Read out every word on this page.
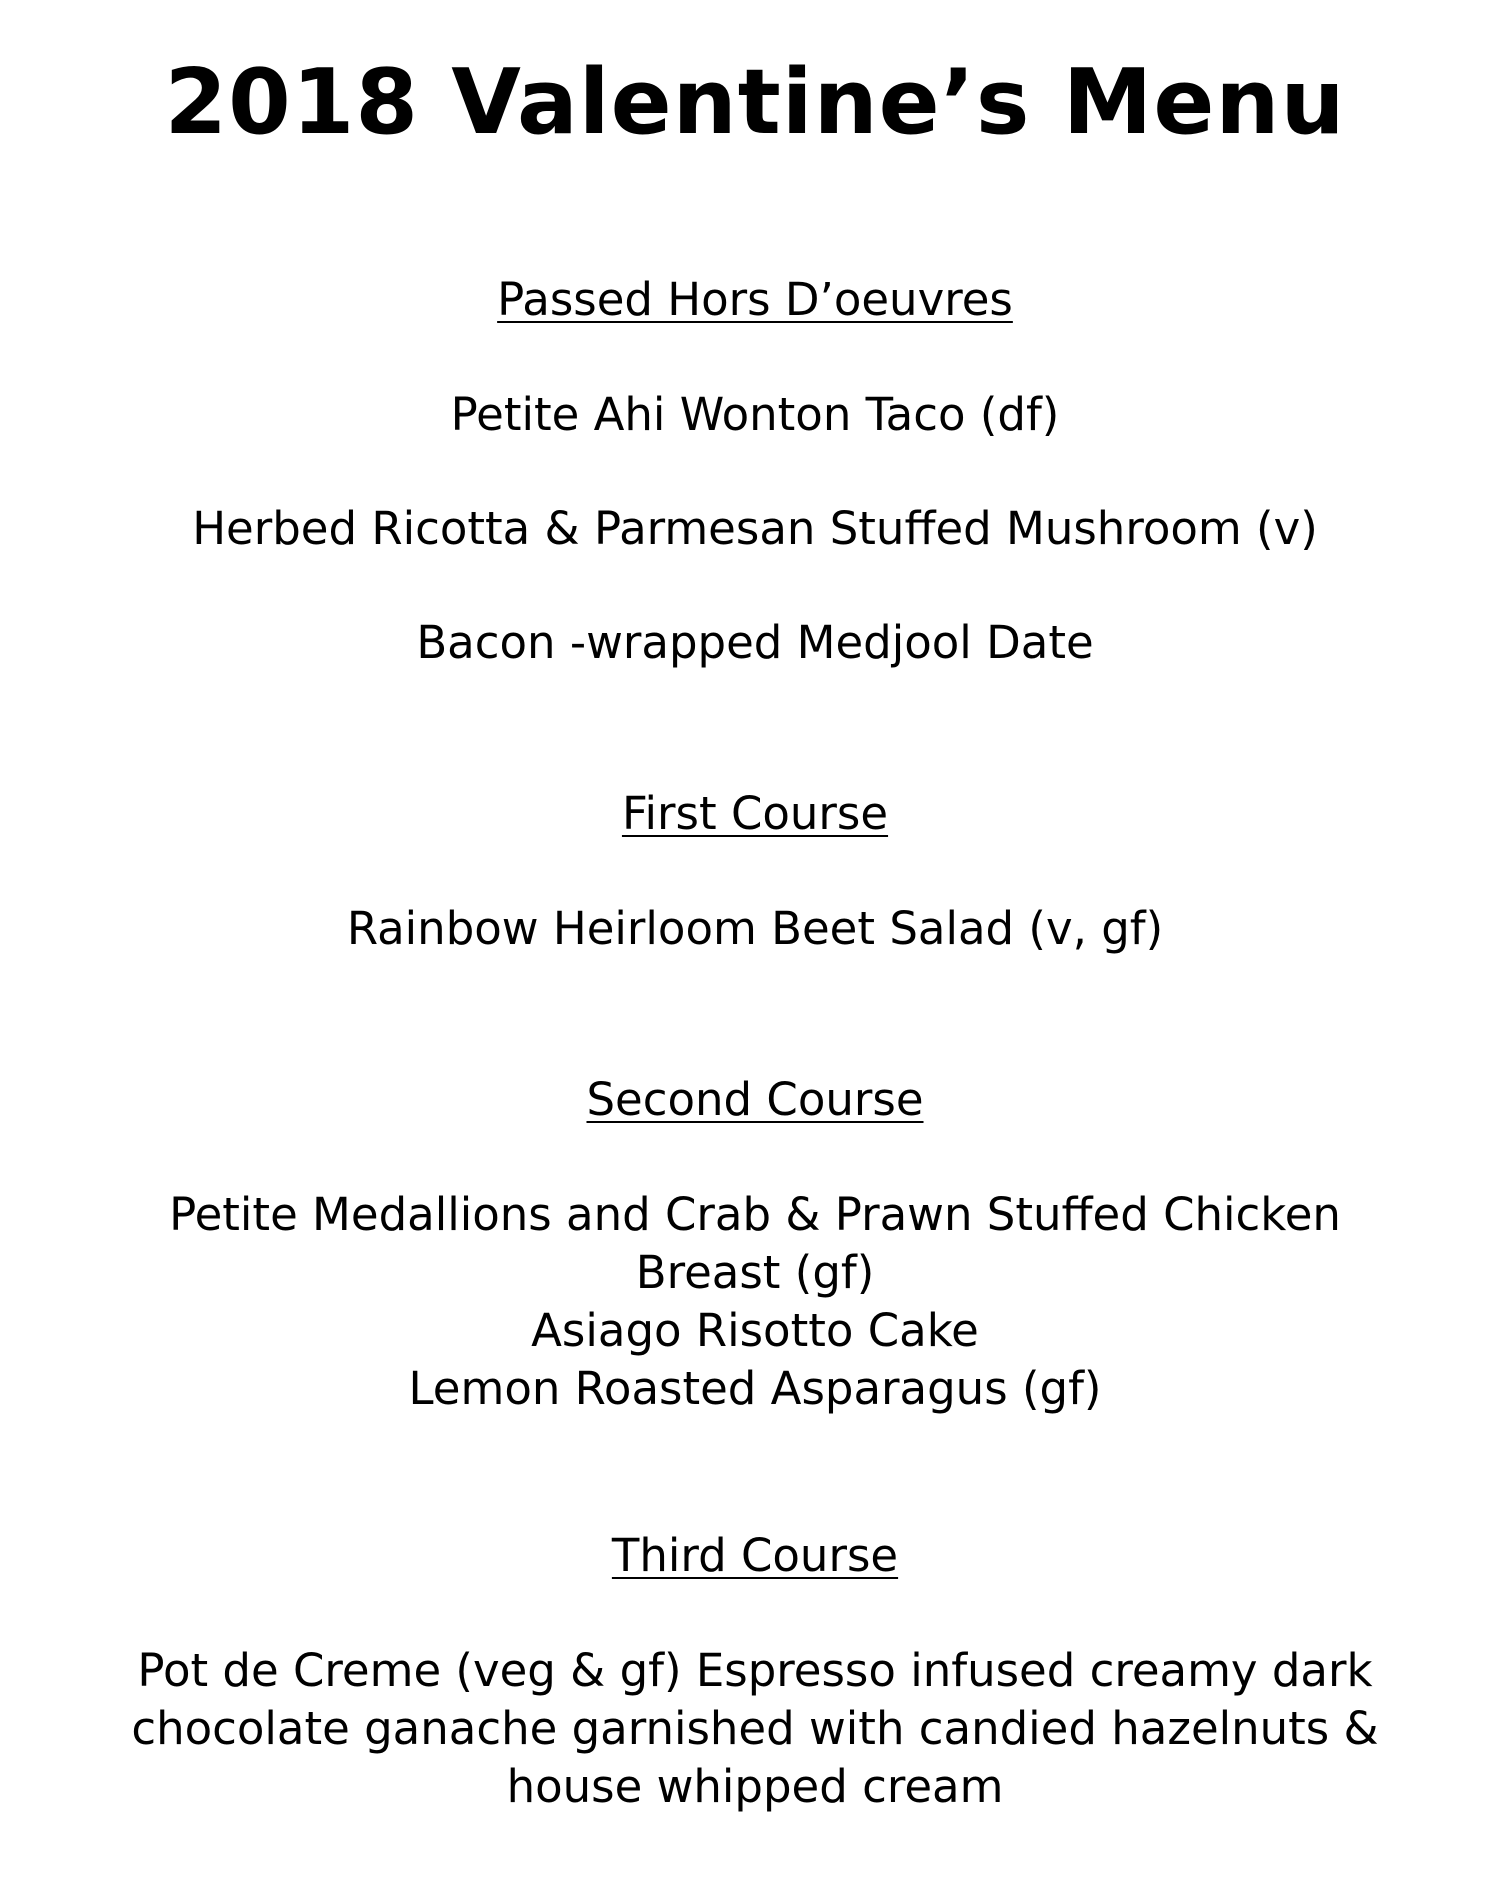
2018 Valentine’s Menu
Passed Hors D’oeuvres
Petite Ahi Wonton Taco (df)
Herbed Ricotta & Parmesan Stuffed Mushroom (v)
Bacon -wrapped Medjool Date
First Course
Rainbow Heirloom Beet Salad (v, gf)
Second Course
Petite Medallions and Crab & Prawn Stuffed Chicken
Breast (gf)
Asiago Risotto Cake
Lemon Roasted Asparagus (gf)
Third Course
Pot de Creme (veg & gf) Espresso infused creamy dark
chocolate ganache garnished with candied hazelnuts &
house whipped cream
